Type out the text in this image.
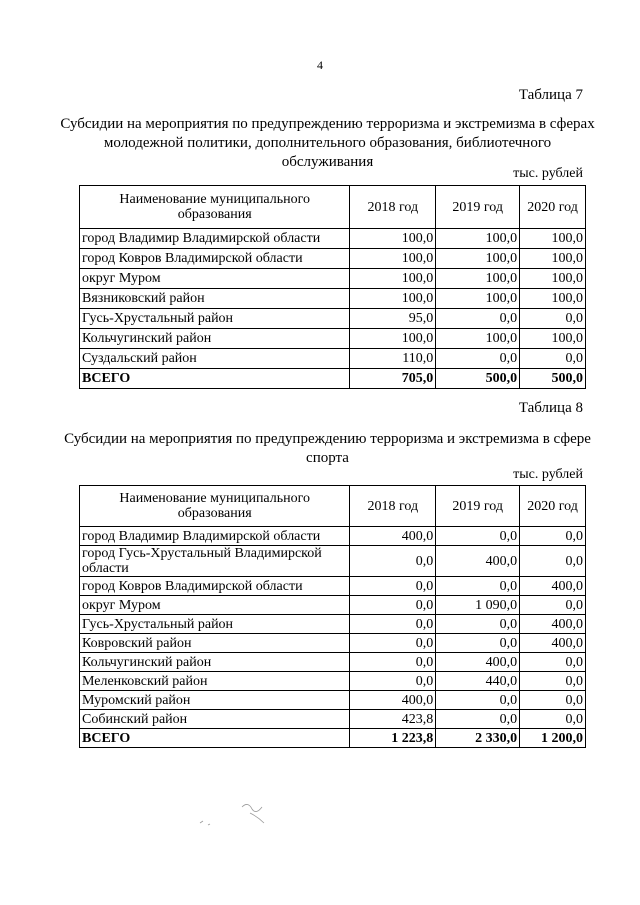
4
Таблица 7
Субсидии на мероприятия по предупреждению терроризма и экстремизма в сферах молодежной политики, дополнительного образования, библиотечного обслуживания
тыс. рублей
Наименование муниципального образования	2018 год	2019 год	2020 год
город Владимир Владимирской области	100,0	100,0	100,0
город Ковров Владимирской области	100,0	100,0	100,0
округ Муром	100,0	100,0	100,0
Вязниковский район	100,0	100,0	100,0
Гусь-Хрустальный район	95,0	0,0	0,0
Кольчугинский район	100,0	100,0	100,0
Суздальский район	110,0	0,0	0,0
ВСЕГО	705,0	500,0	500,0
Таблица 8
Субсидии на мероприятия по предупреждению терроризма и экстремизма в сфере спорта
тыс. рублей
Наименование муниципального образования	2018 год	2019 год	2020 год
город Владимир Владимирской области	400,0	0,0	0,0
город Гусь-Хрустальный Владимирской области	0,0	400,0	0,0
город Ковров Владимирской области	0,0	0,0	400,0
округ Муром	0,0	1 090,0	0,0
Гусь-Хрустальный район	0,0	0,0	400,0
Ковровский район	0,0	0,0	400,0
Кольчугинский район	0,0	400,0	0,0
Меленковский район	0,0	440,0	0,0
Муромский район	400,0	0,0	0,0
Собинский район	423,8	0,0	0,0
ВСЕГО	1 223,8	2 330,0	1 200,0
